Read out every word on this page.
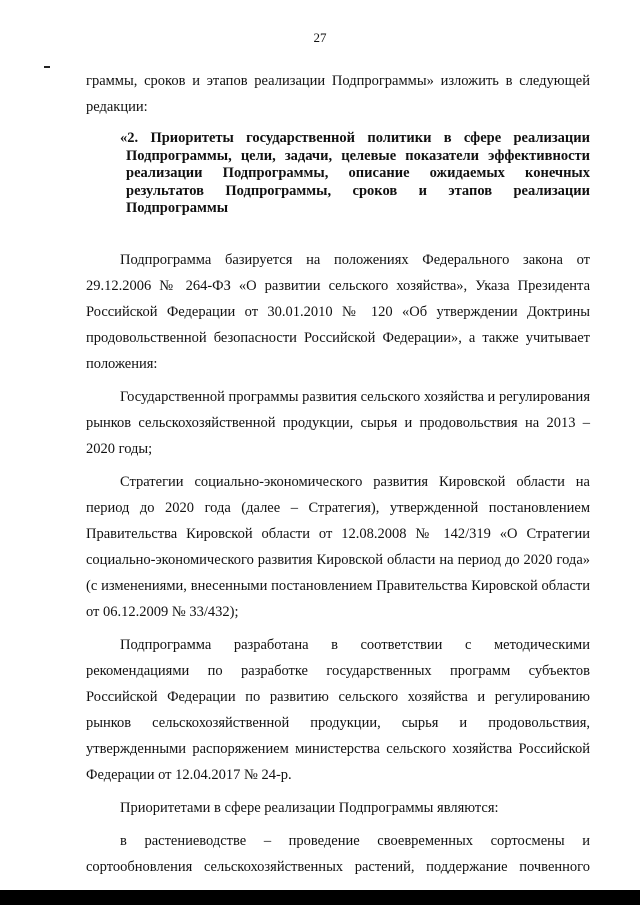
27

граммы, сроков и этапов реализации Подпрограммы» изложить в следующей редакции:

«2. Приоритеты государственной политики в сфере реализации Подпрограммы, цели, задачи, целевые показатели эффективности реализации Подпрограммы, описание ожидаемых конечных результатов Подпрограммы, сроков и этапов реализации Подпрограммы

Подпрограмма базируется на положениях Федерального закона от 29.12.2006 № 264-ФЗ «О развитии сельского хозяйства», Указа Президента Российской Федерации от 30.01.2010 № 120 «Об утверждении Доктрины продовольственной безопасности Российской Федерации», а также учитывает положения:

Государственной программы развития сельского хозяйства и регулирования рынков сельскохозяйственной продукции, сырья и продовольствия на 2013 – 2020 годы;

Стратегии социально-экономического развития Кировской области на период до 2020 года (далее – Стратегия), утвержденной постановлением Правительства Кировской области от 12.08.2008 № 142/319 «О Стратегии социально-экономического развития Кировской области на период до 2020 года» (с изменениями, внесенными постановлением Правительства Кировской области от 06.12.2009 № 33/432);

Подпрограмма разработана в соответствии с методическими рекомендациями по разработке государственных программ субъектов Российской Федерации по развитию сельского хозяйства и регулированию рынков сельскохозяйственной продукции, сырья и продовольствия, утвержденными распоряжением министерства сельского хозяйства Российской Федерации от 12.04.2017 № 24-р.

Приоритетами в сфере реализации Подпрограммы являются:

в растениеводстве – проведение своевременных сортосмены и сортообновления сельскохозяйственных растений, поддержание почвенного
